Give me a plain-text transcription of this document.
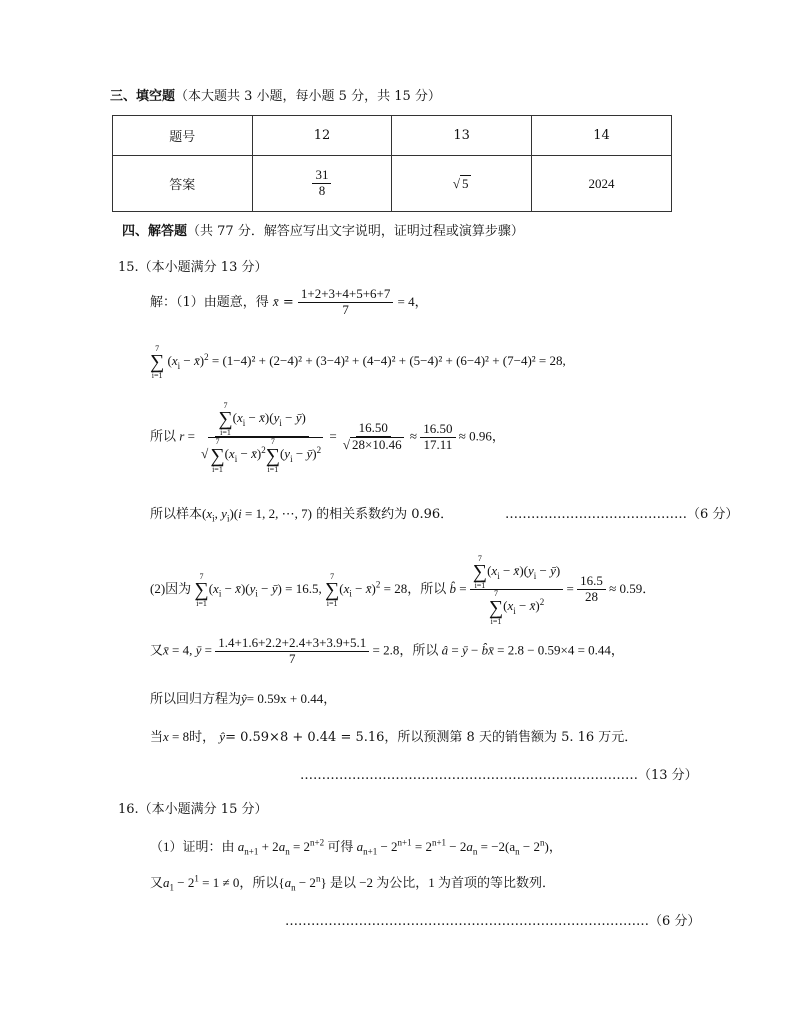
三、填空题（本大题共 3 小题，每小题 5 分，共 15 分）
题号	12	13	14
答案	$\frac{31}{8}$	√ 5	2024
四、解答题（共 77 分．解答应写出文字说明，证明过程或演算步骤）
15.（本小题满分 13 分）
解：（1）由题意，得 x̄ = $\frac{1+2+3+4+5+6+7}{7} = 4$，
7
∑
i=1
($x_i$ − x̄)$^2$ = (1−4)² + (2−4)² + (3−4)² + (4−4)² + (5−4)² + (6−4)² + (7−4)² = 28,
所以 r = 7
∑
i=1
($x_i$ − $x̄)(y_i$ − ȳ)
√
7
∑
i=1
($x_i$ − x̄)$^2$
7
∑
i=1
($y_i$ − ȳ)$^2$ = $\frac{16.50}{√ 28\times 10.46} \approx \frac{16.50}{17.11} \approx 0.96$，
所以样本($x_i$, $y_i)(i = 1$, 2, ⋯, 7) 的相关系数约为 0.96．	……………………………………（6 分）
(2)因为
7
∑
i=1
($x_i$ − $x̄)(y_i$ − ȳ) = 16.5,
7
∑
i=1
($x_i$ − x̄)$^2$ = 28，所以 b̂ = 7
∑
i=1
($x_i$ − $x̄)(y_i$ − ȳ)
7
∑
i=1
($x_i$ − x̄)$^2$ = $\frac{16.5}{28} \approx 0.59$．
又x̄ = 4, ȳ = $\frac{1.4+1.6+2.2+2.4+3+3.9+5.1}{7} = 2.8$，所以 â = ȳ − b̂x̄ = 2.8 − 0.59×4 = 0.44，
所以回归方程为ŷ= 0.59x + 0.44，
当x = 8时， ŷ= 0.59×8 + 0.44 = 5.16，所以预测第 8 天的销售额为 5. 16 万元．
……………………………………………………………………（13 分）
16.（本小题满分 15 分）
（1）证明：由 $a_{n+1} + 2a_n = 2^{n+2}$ 可得 $a_{n+1} - 2^{n+1} = 2^{n+1} - 2a_n = -2(a_n - 2^n)$，
又$a_1 - 2^1 = 1 \ne 0$，所以$\{a_n - 2^n\}$ 是以 −2 为公比，1 为首项的等比数列．
…………………………………………………………………………（6 分）
